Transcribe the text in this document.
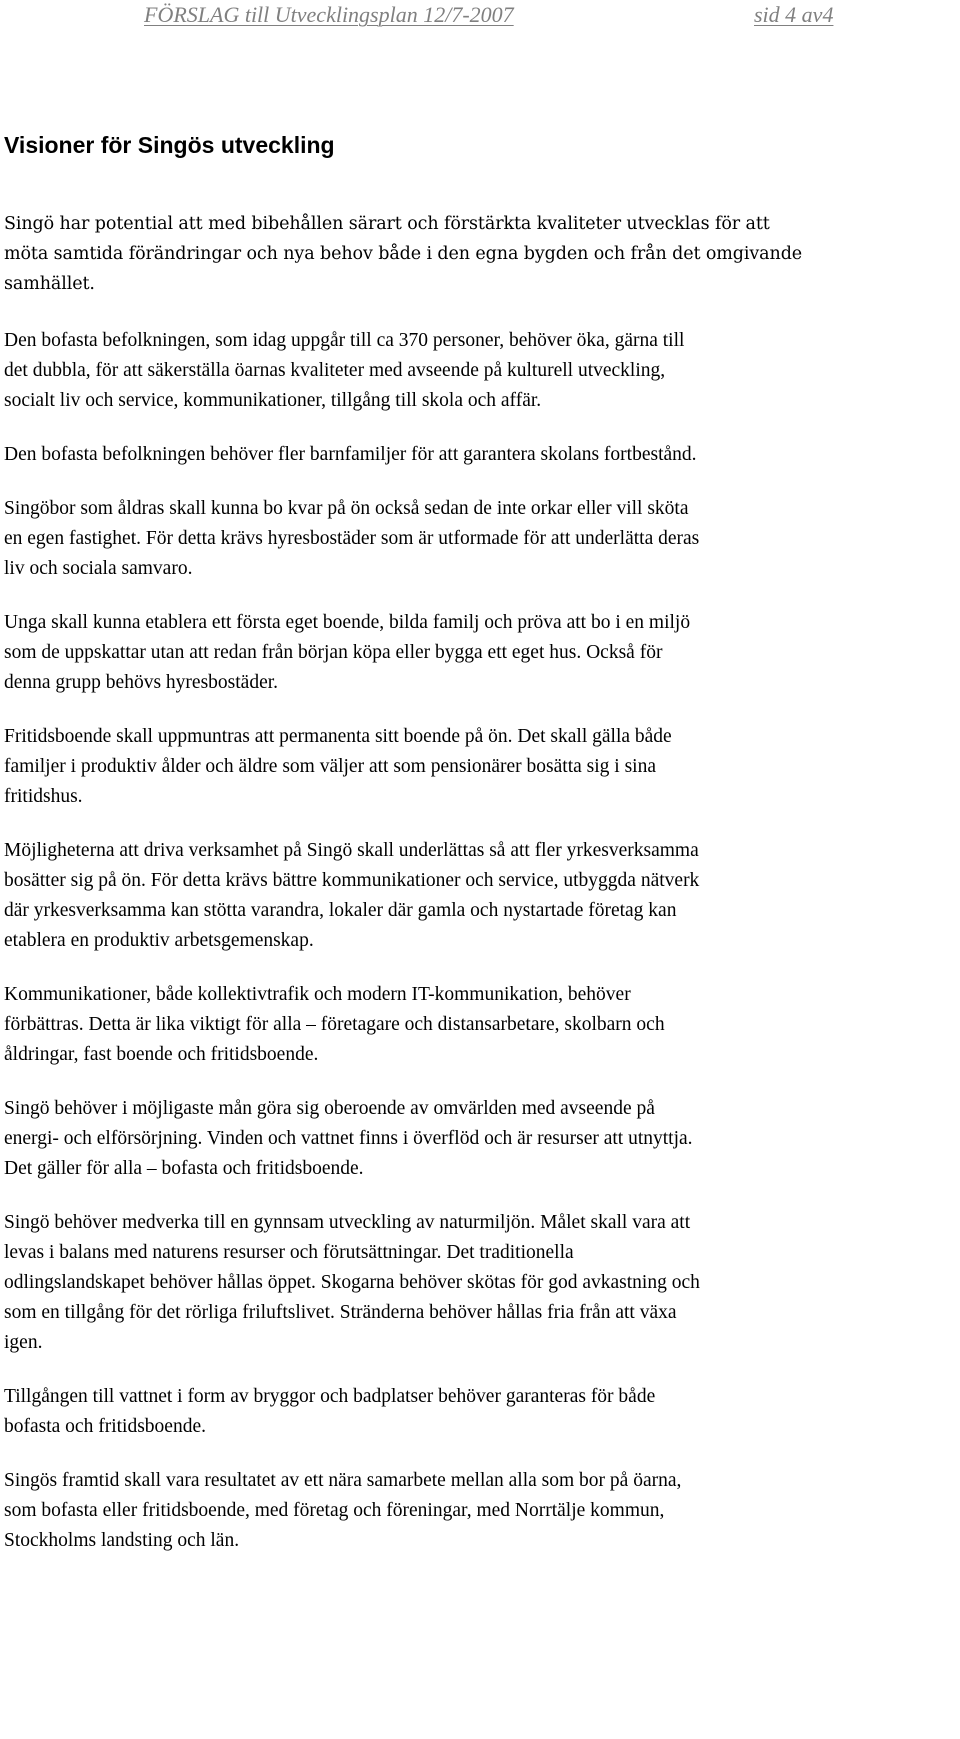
FÖRSLAG till Utvecklingsplan 12/7-2007	sid 4 av4
Visioner för Singös utveckling

Singö har potential att med bibehållen särart och förstärkta kvaliteter utvecklas för att
möta samtida förändringar och nya behov både i den egna bygden och från det omgivande
samhället.

Den bofasta befolkningen, som idag uppgår till ca 370 personer, behöver öka, gärna till
det dubbla, för att säkerställa öarnas kvaliteter med avseende på kulturell utveckling,
socialt liv och service, kommunikationer, tillgång till skola och affär.

Den bofasta befolkningen behöver fler barnfamiljer för att garantera skolans fortbestånd.

Singöbor som åldras skall kunna bo kvar på ön också sedan de inte orkar eller vill sköta
en egen fastighet. För detta krävs hyresbostäder som är utformade för att underlätta deras
liv och sociala samvaro.

Unga skall kunna etablera ett första eget boende, bilda familj och pröva att bo i en miljö
som de uppskattar utan att redan från början köpa eller bygga ett eget hus. Också för
denna grupp behövs hyresbostäder.

Fritidsboende skall uppmuntras att permanenta sitt boende på ön. Det skall gälla både
familjer i produktiv ålder och äldre som väljer att som pensionärer bosätta sig i sina
fritidshus.

Möjligheterna att driva verksamhet på Singö skall underlättas så att fler yrkesverksamma
bosätter sig på ön. För detta krävs bättre kommunikationer och service, utbyggda nätverk
där yrkesverksamma kan stötta varandra, lokaler där gamla och nystartade företag kan
etablera en produktiv arbetsgemenskap.

Kommunikationer, både kollektivtrafik och modern IT-kommunikation, behöver
förbättras. Detta är lika viktigt för alla – företagare och distansarbetare, skolbarn och
åldringar, fast boende och fritidsboende.

Singö behöver i möjligaste mån göra sig oberoende av omvärlden med avseende på
energi- och elförsörjning. Vinden och vattnet finns i överflöd och är resurser att utnyttja.
Det gäller för alla – bofasta och fritidsboende.

Singö behöver medverka till en gynnsam utveckling av naturmiljön. Målet skall vara att
levas i balans med naturens resurser och förutsättningar. Det traditionella
odlingslandskapet behöver hållas öppet. Skogarna behöver skötas för god avkastning och
som en tillgång för det rörliga friluftslivet. Stränderna behöver hållas fria från att växa
igen.

Tillgången till vattnet i form av bryggor och badplatser behöver garanteras för både
bofasta och fritidsboende.

Singös framtid skall vara resultatet av ett nära samarbete mellan alla som bor på öarna,
som bofasta eller fritidsboende, med företag och föreningar, med Norrtälje kommun,
Stockholms landsting och län.
